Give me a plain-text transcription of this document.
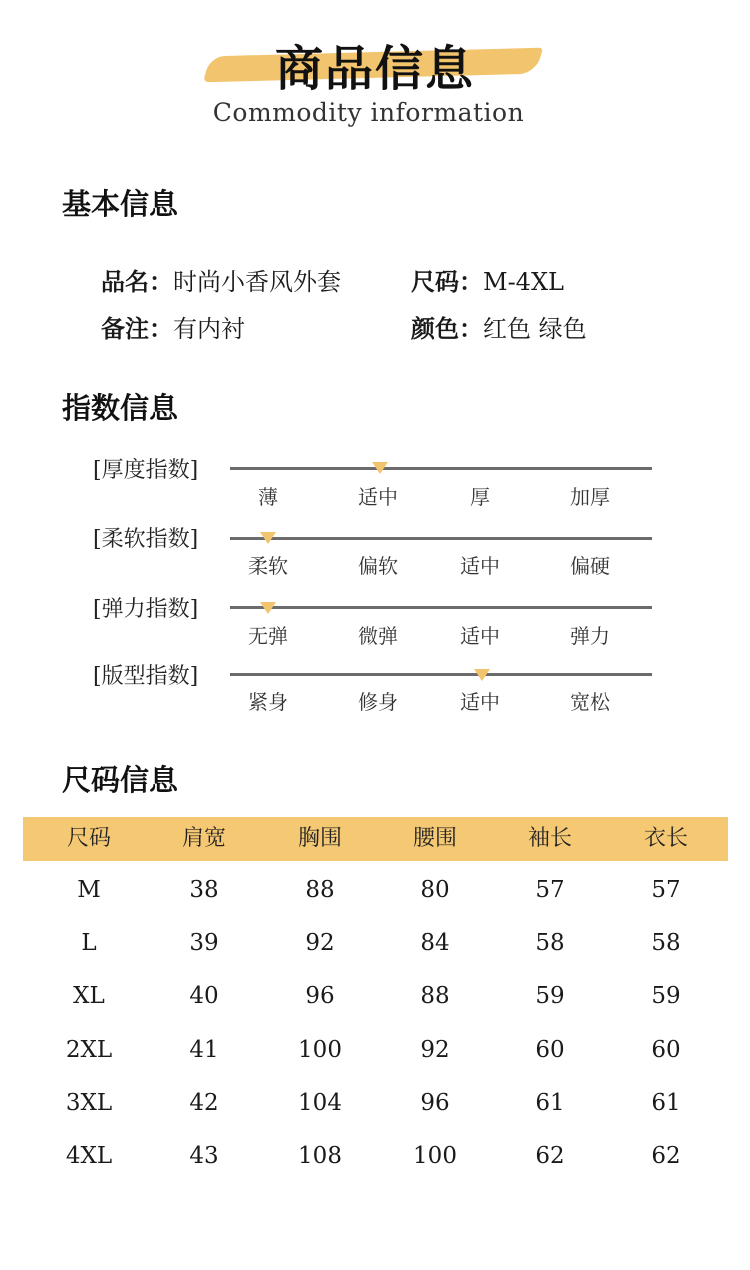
商品信息
Commodity information
基本信息
品名：时尚小香风外套	尺码：M-4XL
备注：有内衬	颜色：红色 绿色
指数信息
[厚度指数]
薄	适中	厚	加厚
[柔软指数]
柔软	偏软	适中	偏硬
[弹力指数]
无弹	微弹	适中	弹力
[版型指数]
紧身	修身	适中	宽松
尺码信息
尺码	肩宽	胸围	腰围	袖长	衣长
M	38	88	80	57	57
L	39	92	84	58	58
XL	40	96	88	59	59
2XL	41	100	92	60	60
3XL	42	104	96	61	61
4XL	43	108	100	62	62
